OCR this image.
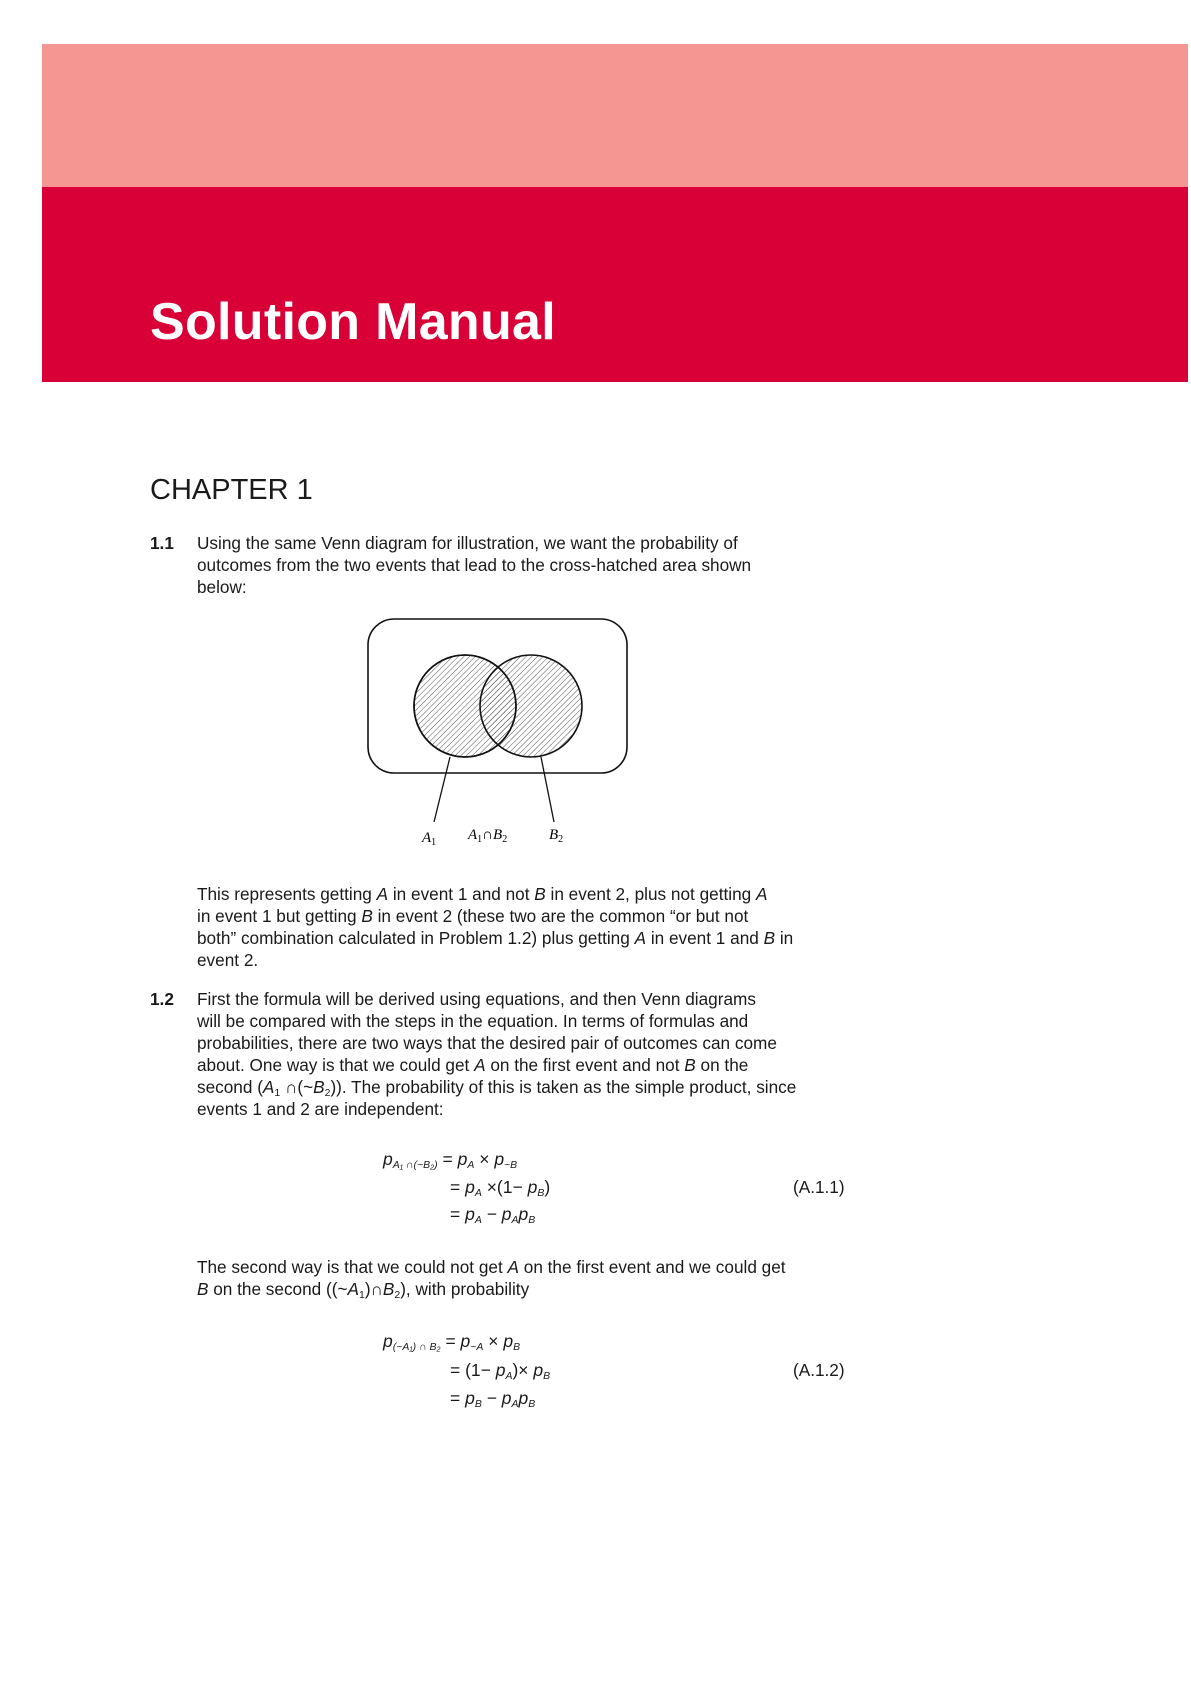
Solution Manual
CHAPTER 1
1.1
1.2
$A_1$ $A_1\cap B_2$	$B_2$
Using the same Venn diagram for illustration, we want the probability of
outcomes from the two events that lead to the cross-hatched area shown
below:
This represents getting A in event 1 and not B in event 2, plus not getting A
in event 1 but getting B in event 2 (these two are the common “or but not
both” combination calculated in Problem 1.2) plus getting A in event 1 and B in
event 2.
First the formula will be derived using equations, and then Venn diagrams
will be compared with the steps in the equation. In terms of formulas and
probabilities, there are two ways that the desired pair of outcomes can come
about. One way is that we could get A on the first event and not B on the
second ($A_1$ $\cap(\sim B_2)$). The probability of this is taken as the simple product, since
events 1 and 2 are independent:
The second way is that we could not get A on the first event and we could get
B on the second $((\sim A_1)\cap B_2)$, with probability
$p_{A_1 \cap(\sim B_2)} = p_A \times p_{\sim B}$
= $p_A \times(1- p_B)$
= $p_A - p_Ap_B$
(A.1.1)
$p_{(\sim A_1) \cap B_2} = p_{\sim A} \times p_B$
= $(1- p_A)\times p_B$
= $p_B - p_Ap_B$
(A.1.2)
